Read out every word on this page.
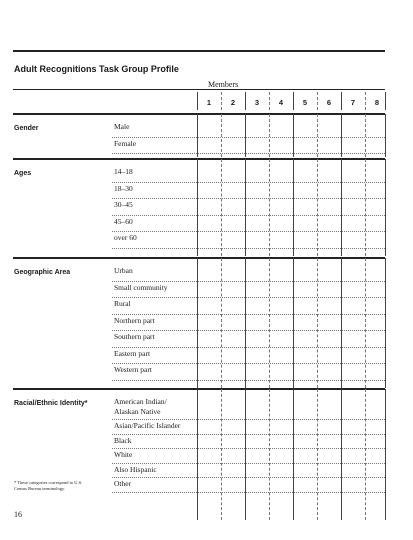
Adult Recognitions Task Group Profile
Members
1	2	3	4	5	6	7	8
Gender	Male
Female
Ages	14–18
18–30
30–45
45–60
over 60
Geographic Area	Urban
Small community
Rural
Northern part
Southern part
Eastern part
Western part
Racial/Ethnic Identity*	American Indian/ Alaskan Native
Asian/Pacific Islander
Black
White
Also Hispanic
Other
* These categories correspond to U.S. Census Bureau terminology.
16
